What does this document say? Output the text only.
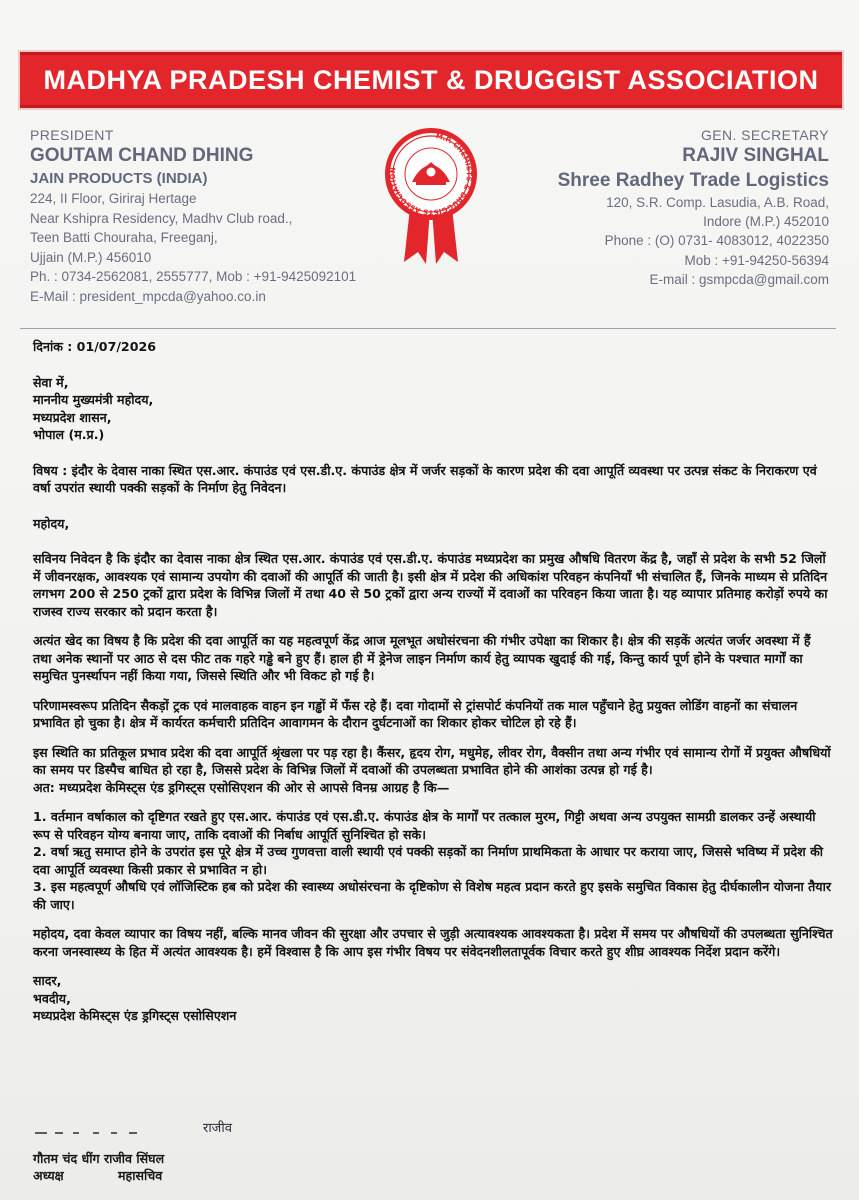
MADHYA PRADESH CHEMIST & DRUGGIST ASSOCIATION
PRESIDENT
GOUTAM CHAND DHING
JAIN PRODUCTS (INDIA)
224, II Floor, Giriraj Hertage
Near Kshipra Residency, Madhv Club road.,
Teen Batti Chouraha, Freeganj,
Ujjain (M.P.) 456010
Ph. : 0734-2562081, 2555777, Mob : +91-9425092101
E-Mail : president_mpcda@yahoo.co.in
M.P. CHEMISTS & DRUGGISTS ASSOCIATION
GEN. SECRETARY
RAJIV SINGHAL
Shree Radhey Trade Logistics
120, S.R. Comp. Lasudia, A.B. Road,
Indore (M.P.) 452010
Phone : (O) 0731- 4083012, 4022350
Mob : +91-94250-56394
E-mail : gsmpcda@gmail.com

दिनांक : 01/07/2026

सेवा में,

माननीय मुख्यमंत्री महोदय,

मध्यप्रदेश शासन,

भोपाल (म.प्र.)

विषय : इंदौर के देवास नाका स्थित एस.आर. कंपाउंड एवं एस.डी.ए. कंपाउंड क्षेत्र में जर्जर सड़कों के कारण प्रदेश की दवा आपूर्ति व्यवस्था पर उत्पन्न संकट के निराकरण एवं वर्षा उपरांत स्थायी पक्की सड़कों के निर्माण हेतु निवेदन।

महोदय,

सविनय निवेदन है कि इंदौर का देवास नाका क्षेत्र स्थित एस.आर. कंपाउंड एवं एस.डी.ए. कंपाउंड मध्यप्रदेश का प्रमुख औषधि वितरण केंद्र है, जहाँ से प्रदेश के सभी 52 जिलों में जीवनरक्षक, आवश्यक एवं सामान्य उपयोग की दवाओं की आपूर्ति की जाती है। इसी क्षेत्र में प्रदेश की अधिकांश परिवहन कंपनियाँ भी संचालित हैं, जिनके माध्यम से प्रतिदिन लगभग 200 से 250 ट्रकों द्वारा प्रदेश के विभिन्न जिलों में तथा 40 से 50 ट्रकों द्वारा अन्य राज्यों में दवाओं का परिवहन किया जाता है। यह व्यापार प्रतिमाह करोड़ों रुपये का राजस्व राज्य सरकार को प्रदान करता है।

अत्यंत खेद का विषय है कि प्रदेश की दवा आपूर्ति का यह महत्वपूर्ण केंद्र आज मूलभूत अधोसंरचना की गंभीर उपेक्षा का शिकार है। क्षेत्र की सड़कें अत्यंत जर्जर अवस्था में हैं तथा अनेक स्थानों पर आठ से दस फीट तक गहरे गड्ढे बने हुए हैं। हाल ही में ड्रेनेज लाइन निर्माण कार्य हेतु व्यापक खुदाई की गई, किन्तु कार्य पूर्ण होने के पश्चात मार्गों का समुचित पुनर्स्थापन नहीं किया गया, जिससे स्थिति और भी विकट हो गई है।

परिणामस्वरूप प्रतिदिन सैकड़ों ट्रक एवं मालवाहक वाहन इन गड्ढों में फँस रहे हैं। दवा गोदामों से ट्रांसपोर्ट कंपनियों तक माल पहुँचाने हेतु प्रयुक्त लोडिंग वाहनों का संचालन प्रभावित हो चुका है। क्षेत्र में कार्यरत कर्मचारी प्रतिदिन आवागमन के दौरान दुर्घटनाओं का शिकार होकर चोटिल हो रहे हैं।

इस स्थिति का प्रतिकूल प्रभाव प्रदेश की दवा आपूर्ति श्रृंखला पर पड़ रहा है। कैंसर, हृदय रोग, मधुमेह, लीवर रोग, वैक्सीन तथा अन्य गंभीर एवं सामान्य रोगों में प्रयुक्त औषधियों का समय पर डिस्पैच बाधित हो रहा है, जिससे प्रदेश के विभिन्न जिलों में दवाओं की उपलब्धता प्रभावित होने की आशंका उत्पन्न हो गई है।

अत: मध्यप्रदेश केमिस्ट्स एंड ड्रगिस्ट्स एसोसिएशन की ओर से आपसे विनम्र आग्रह है कि—

1. वर्तमान वर्षाकाल को दृष्टिगत रखते हुए एस.आर. कंपाउंड एवं एस.डी.ए. कंपाउंड क्षेत्र के मार्गों पर तत्काल मुरम, गिट्टी अथवा अन्य उपयुक्त सामग्री डालकर उन्हें अस्थायी रूप से परिवहन योग्य बनाया जाए, ताकि दवाओं की निर्बाध आपूर्ति सुनिश्चित हो सके।

2. वर्षा ऋतु समाप्त होने के उपरांत इस पूरे क्षेत्र में उच्च गुणवत्ता वाली स्थायी एवं पक्की सड़कों का निर्माण प्राथमिकता के आधार पर कराया जाए, जिससे भविष्य में प्रदेश की दवा आपूर्ति व्यवस्था किसी प्रकार से प्रभावित न हो।

3. इस महत्वपूर्ण औषधि एवं लॉजिस्टिक हब को प्रदेश की स्वास्थ्य अधोसंरचना के दृष्टिकोण से विशेष महत्व प्रदान करते हुए इसके समुचित विकास हेतु दीर्घकालीन योजना तैयार की जाए।

महोदय, दवा केवल व्यापार का विषय नहीं, बल्कि मानव जीवन की सुरक्षा और उपचार से जुड़ी अत्यावश्यक आवश्यकता है। प्रदेश में समय पर औषधियों की उपलब्धता सुनिश्चित करना जनस्वास्थ्य के हित में अत्यंत आवश्यक है। हमें विश्वास है कि आप इस गंभीर विषय पर संवेदनशीलतापूर्वक विचार करते हुए शीघ्र आवश्यक निर्देश प्रदान करेंगे।

सादर,

भवदीय,

मध्यप्रदेश केमिस्ट्स एंड ड्रगिस्ट्स एसोसिएशन

राजीव
गौतम चंद धींग राजीव सिंघल
अध्यक्ष	महासचिव
